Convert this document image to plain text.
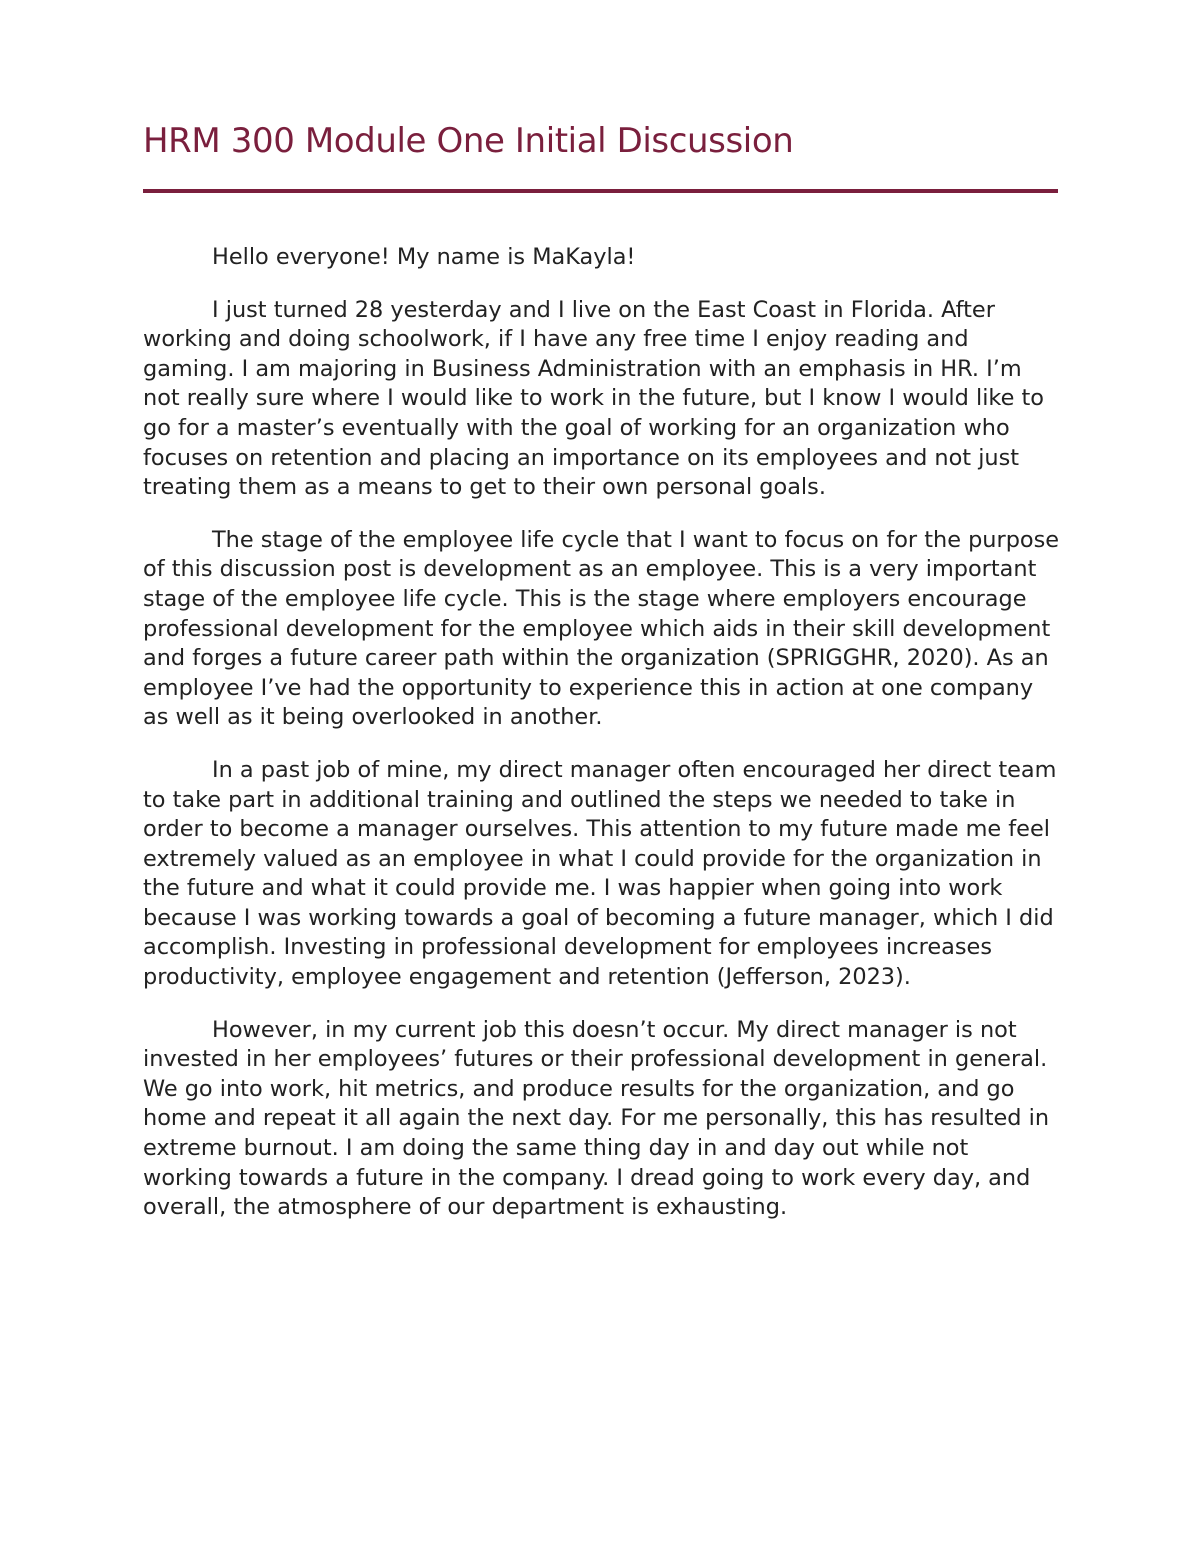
HRM 300 Module One Initial Discussion

Hello everyone! My name is MaKayla!

I just turned 28 yesterday and I live on the East Coast in Florida. After working and doing schoolwork, if I have any free time I enjoy reading and gaming. I am majoring in Business Administration with an emphasis in HR. I’m not really sure where I would like to work in the future, but I know I would like to go for a master’s eventually with the goal of working for an organization who focuses on retention and placing an importance on its employees and not just treating them as a means to get to their own personal goals.

The stage of the employee life cycle that I want to focus on for the purpose of this discussion post is development as an employee. This is a very important stage of the employee life cycle. This is the stage where employers encourage professional development for the employee which aids in their skill development and forges a future career path within the organization (SPRIGGHR, 2020). As an employee I’ve had the opportunity to experience this in action at one company as well as it being overlooked in another.

In a past job of mine, my direct manager often encouraged her direct team to take part in additional training and outlined the steps we needed to take in order to become a manager ourselves. This attention to my future made me feel extremely valued as an employee in what I could provide for the organization in the future and what it could provide me. I was happier when going into work because I was working towards a goal of becoming a future manager, which I did accomplish. Investing in professional development for employees increases productivity, employee engagement and retention (Jefferson, 2023).

However, in my current job this doesn’t occur. My direct manager is not invested in her employees’ futures or their professional development in general. We go into work, hit metrics, and produce results for the organization, and go home and repeat it all again the next day. For me personally, this has resulted in extreme burnout. I am doing the same thing day in and day out while not working towards a future in the company. I dread going to work every day, and overall, the atmosphere of our department is exhausting.
